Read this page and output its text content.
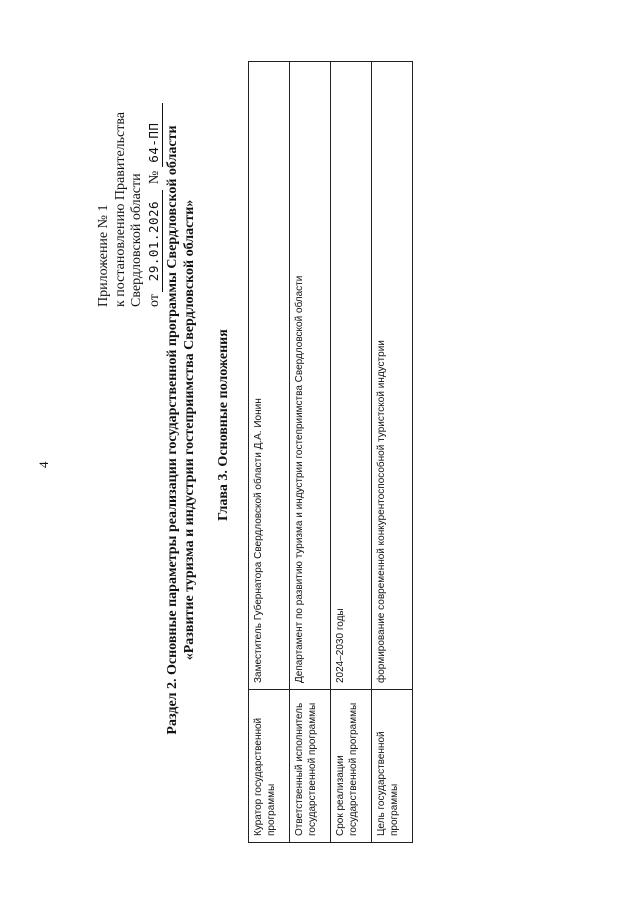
4
Приложение № 1 к постановлению Правительства Свердловской области от29.01.2026№64-ПП Раздел 2. Основные параметры реализации государственной программы Свердловской области «Развитие туризма и индустрии гостеприимства Свердловской области» Глава 3. Основные положения
Куратор государственной программы	Заместитель Губернатора Свердловской области Д.А. Ионин
Ответственный исполнитель государственной программы	Департамент по развитию туризма и индустрии гостеприимства Свердловской области
Срок реализации государственной программы	2024–2030 годы
Цель государственной программы	формирование современной конкурентоспособной туристской индустрии
